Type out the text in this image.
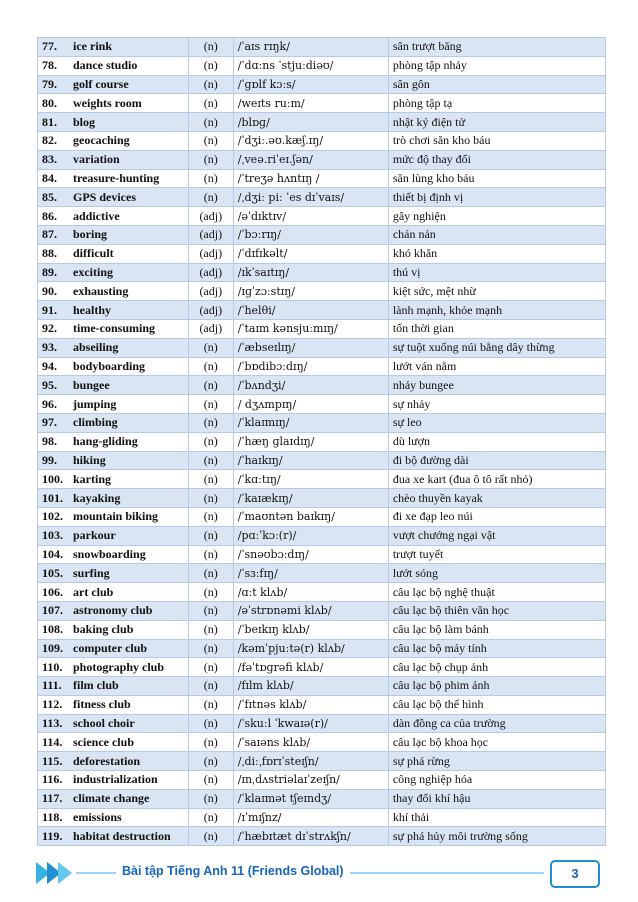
77. ice rink	(n)	/ˈaɪs rɪŋk/	sân trượt băng
78. dance studio	(n)	/ˈdɑːns ˈstjuːdiəʊ/	phòng tập nhảy
79. golf course	(n)	/ˈɡɒlf kɔːs/	sân gôn
80. weights room	(n)	/weɪts ruːm/	phòng tập tạ
81. blog	(n)	/blɒɡ/	nhật ký điện tử
82. geocaching	(n)	/ˈdʒiː.əʊ.kæʃ.ɪŋ/	trò chơi săn kho báu
83. variation	(n)	/ˌveə.riˈeɪ.ʃən/	mức độ thay đổi
84. treasure-hunting	(n)	/ˈtreʒə hʌntɪŋ /	săn lùng kho báu
85. GPS devices	(n)	/ˌdʒiː piː ˈes dɪˈvaɪs/	thiết bị định vị
86. addictive	(adj)	/əˈdɪktɪv/	gây nghiện
87. boring	(adj)	/ˈbɔːrɪŋ/	chán nản
88. difficult	(adj)	/ˈdɪfɪkəlt/	khó khăn
89. exciting	(adj)	/ɪkˈsaɪtɪŋ/	thú vị
90. exhausting	(adj)	/ɪɡˈzɔːstɪŋ/	kiệt sức, mệt nhừ
91. healthy	(adj)	/ˈhelθi/	lành mạnh, khỏe mạnh
92. time-consuming	(adj)	/ˈtaɪm kənsjuːmɪŋ/	tốn thời gian
93. abseiling	(n)	/ˈæbseɪlɪŋ/	sự tuột xuống núi bằng dây thừng
94. bodyboarding	(n)	/ˈbɒdibɔːdɪŋ/	lướt ván nằm
95. bungee	(n)	/ˈbʌndʒi/	nhảy bungee
96. jumping	(n)	/ dʒʌmpɪŋ/	sự nhảy
97. climbing	(n)	/ˈklaɪmɪŋ/	sự leo
98. hang-gliding	(n)	/ˈhæŋ ɡlaɪdɪŋ/	dù lượn
99. hiking	(n)	/ˈhaɪkɪŋ/	đi bộ đường dài
100. karting	(n)	/ˈkɑːtɪŋ/	đua xe kart (đua ô tô rất nhỏ)
101. kayaking	(n)	/ˈkaɪækɪŋ/	chèo thuyền kayak
102. mountain biking	(n)	/ˈmaʊntən baɪkɪŋ/	đi xe đạp leo núi
103. parkour	(n)	/pɑːˈkɔː(r)/	vượt chướng ngại vật
104. snowboarding	(n)	/ˈsnəʊbɔːdɪŋ/	trượt tuyết
105. surfing	(n)	/ˈsɜːfɪŋ/	lướt sóng
106. art club	(n)	/ɑːt klʌb/	câu lạc bộ nghệ thuật
107. astronomy club	(n)	/əˈstrɒnəmi klʌb/	câu lạc bộ thiên văn học
108. baking club	(n)	/ˈbeɪkɪŋ klʌb/	câu lạc bộ làm bánh
109. computer club	(n)	/kəmˈpjuːtə(r) klʌb/	câu lạc bộ máy tính
110. photography club	(n)	/fəˈtɒɡrəfi klʌb/	câu lạc bộ chụp ảnh
111. film club	(n)	/fɪlm klʌb/	câu lạc bộ phim ảnh
112. fitness club	(n)	/ˈfɪtnəs klʌb/	câu lạc bộ thể hình
113. school choir	(n)	/ˈskuːl ˈkwaɪə(r)/	dàn đồng ca của trường
114. science club	(n)	/ˈsaɪəns klʌb/	câu lạc bộ khoa học
115. deforestation	(n)	/ˌdiːˌfɒrɪˈsteɪʃn/	sự phá rừng
116. industrialization	(n)	/ɪnˌdʌstriəlaɪˈzeɪʃn/	công nghiệp hóa
117. climate change	(n)	/ˈklaɪmət tʃeɪndʒ/	thay đổi khí hậu
118. emissions	(n)	/ɪˈmɪʃnz/	khí thải
119. habitat destruction	(n)	/ˈhæbɪtæt dɪˈstrʌkʃn/	sự phá hủy môi trường sống
Bài tập Tiếng Anh 11 (Friends Global)	3
